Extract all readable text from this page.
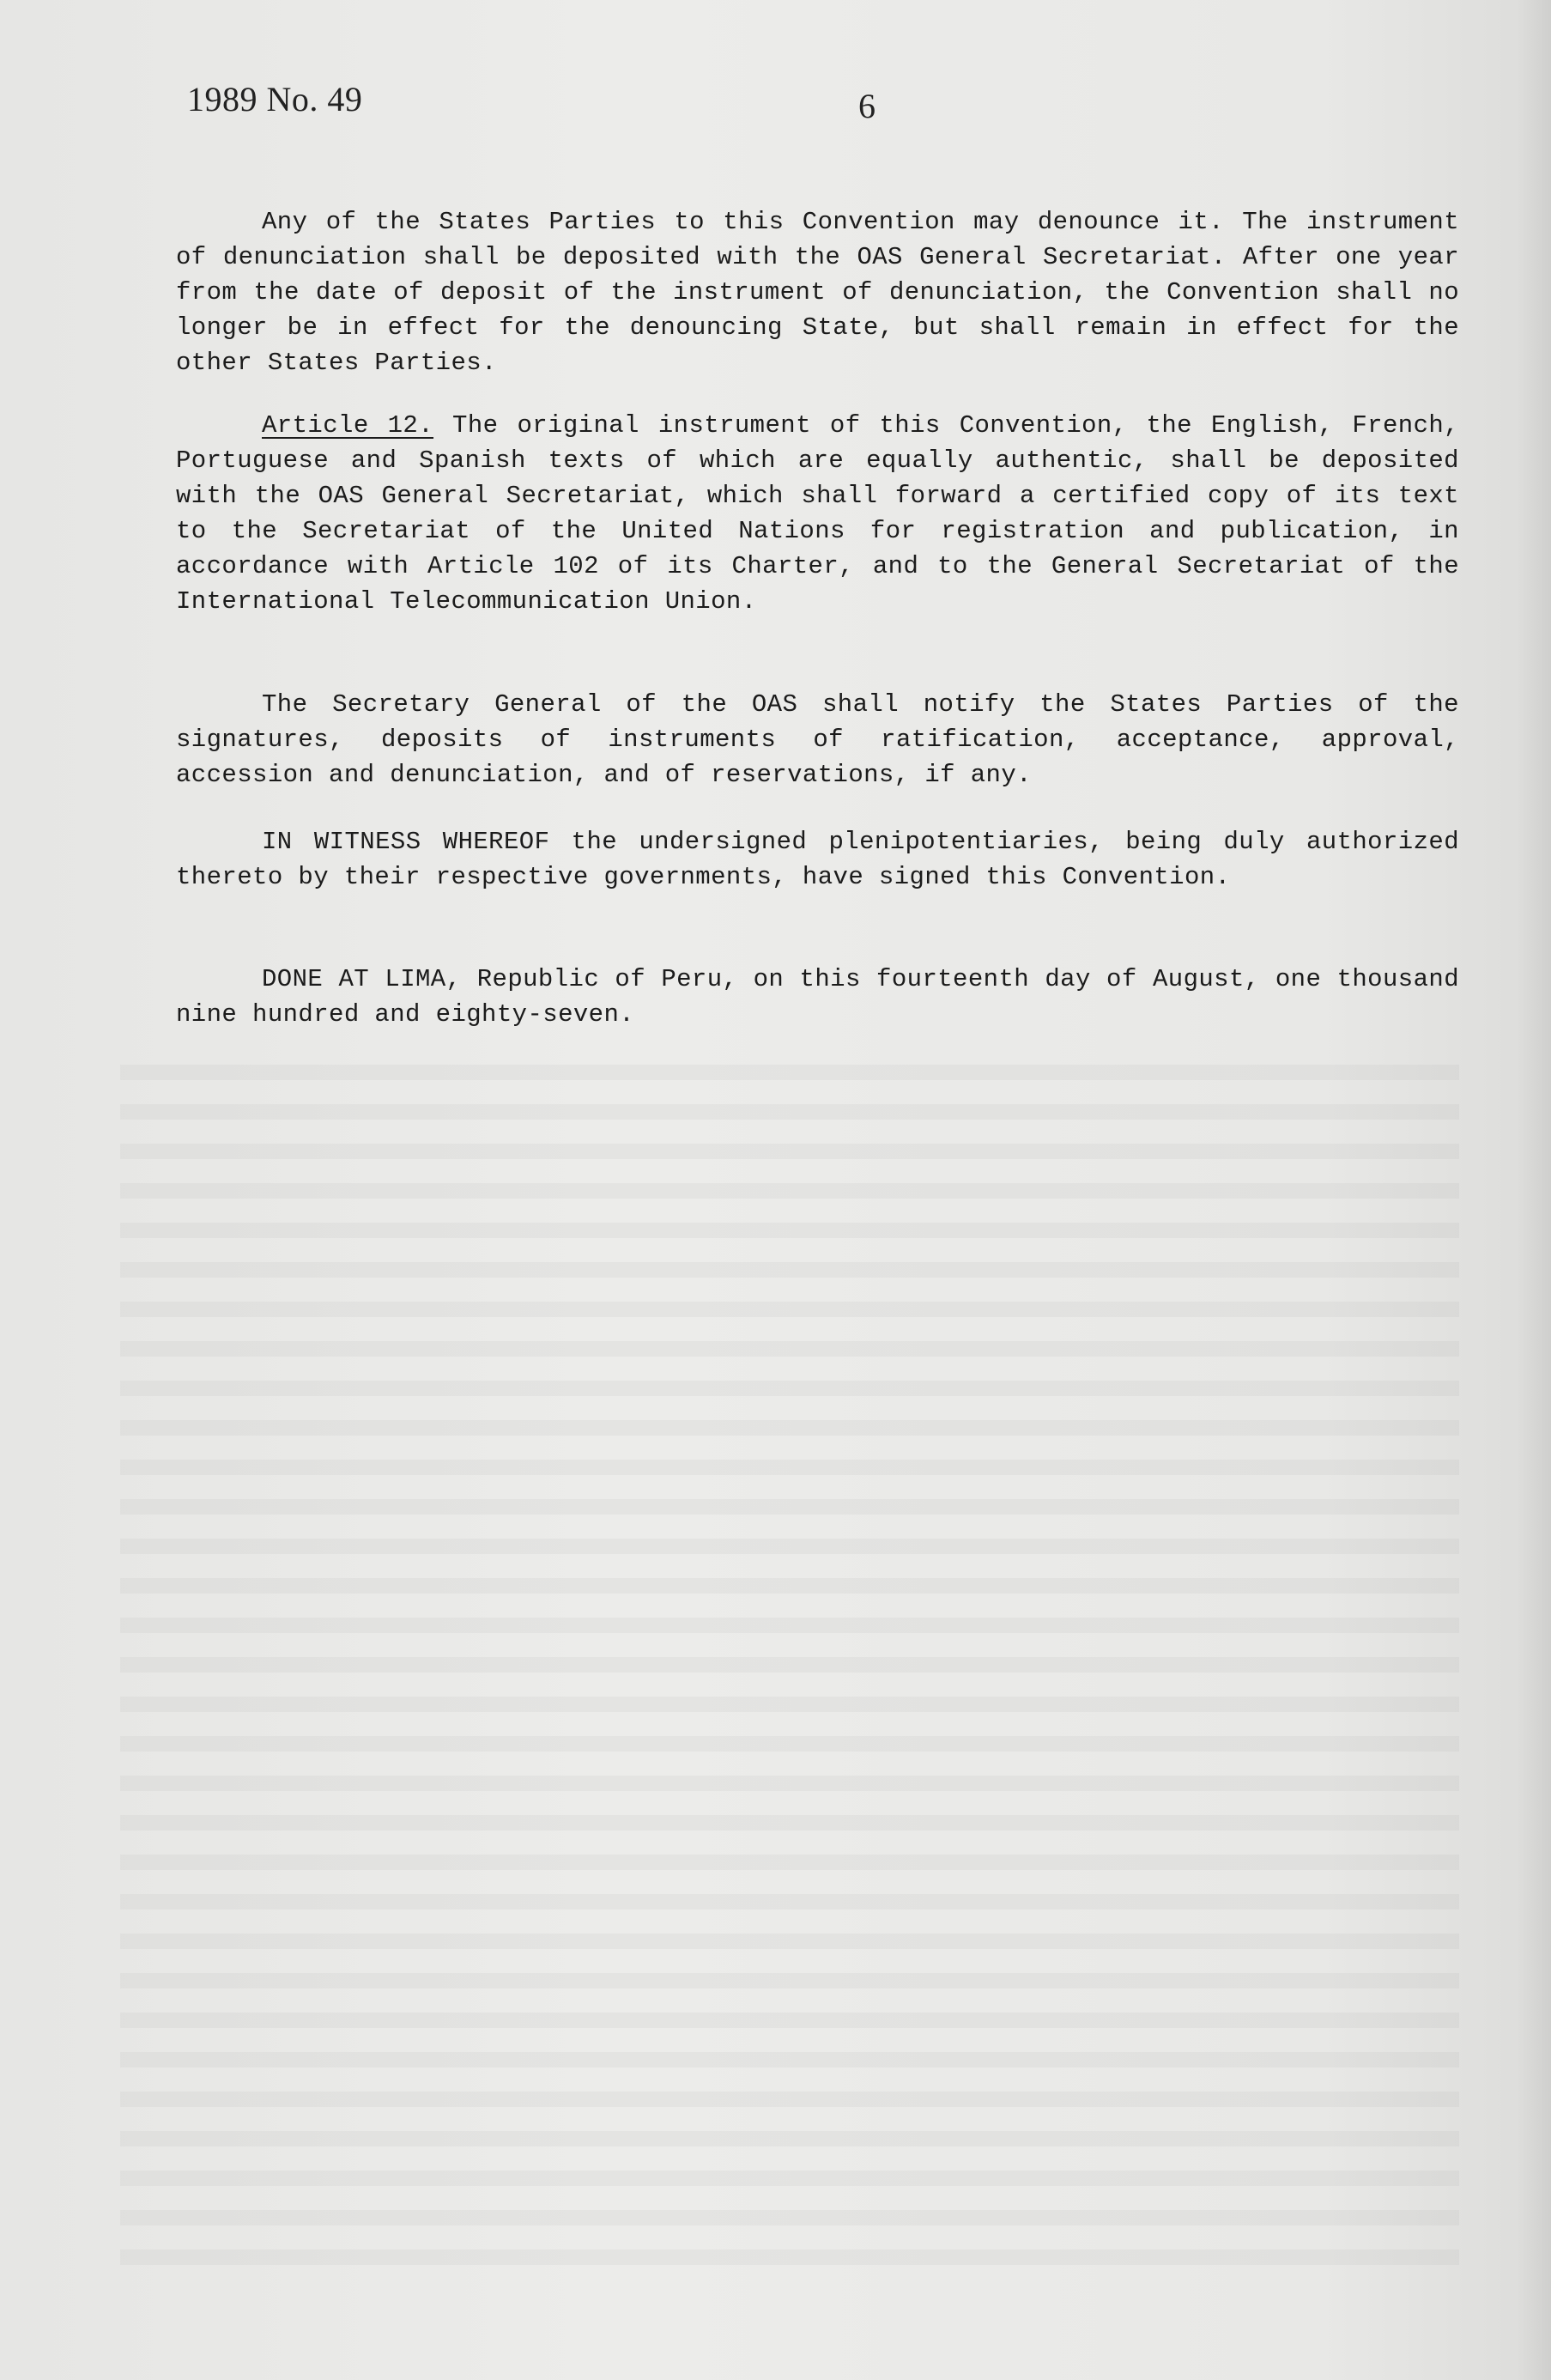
1989 No. 49	6

Any of the States Parties to this Convention may denounce it. The instrument of denunciation shall be deposited with the OAS General Secretariat. After one year from the date of deposit of the instrument of denunciation, the Convention shall no longer be in effect for the denouncing State, but shall remain in effect for the other States Parties.

Article 12. The original instrument of this Convention, the English, French, Portuguese and Spanish texts of which are equally authentic, shall be deposited with the OAS General Secretariat, which shall forward a certified copy of its text to the Secretariat of the United Nations for registration and publication, in accordance with Article 102 of its Charter, and to the General Secretariat of the International Telecommunication Union.

The Secretary General of the OAS shall notify the States Parties of the signatures, deposits of instruments of ratification, acceptance, approval, accession and denunciation, and of reservations, if any.

IN WITNESS WHEREOF the undersigned plenipotentiaries, being duly authorized thereto by their respective governments, have signed this Convention.

DONE AT LIMA, Republic of Peru, on this fourteenth day of August, one thousand nine hundred and eighty-seven.
